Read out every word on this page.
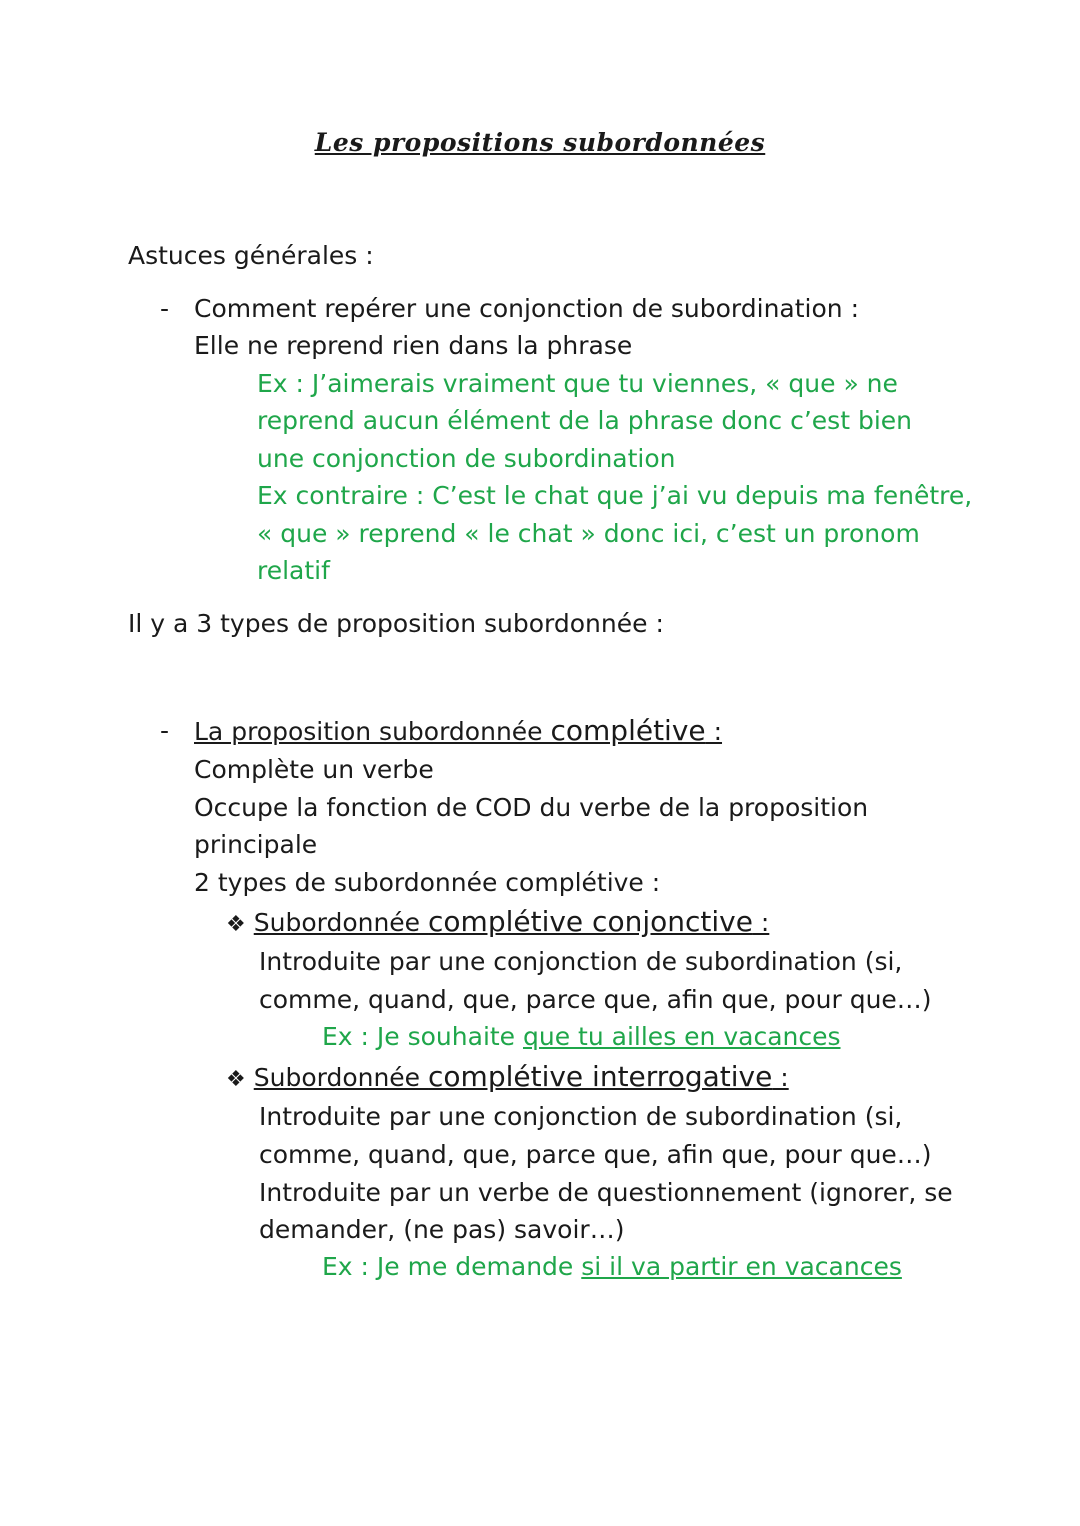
Les propositions subordonnées
Astuces générales :
- Comment repérer une conjonction de subordination :
Elle ne reprend rien dans la phrase
Ex : J’aimerais vraiment que tu viennes, « que » ne
reprend aucun élément de la phrase donc c’est bien
une conjonction de subordination
Ex contraire : C’est le chat que j’ai vu depuis ma fenêtre,
« que » reprend « le chat » donc ici, c’est un pronom
relatif
Il y a 3 types de proposition subordonnée :
- La proposition subordonnée complétive :
Complète un verbe
Occupe la fonction de COD du verbe de la proposition
principale
2 types de subordonnée complétive :
❖ Subordonnée complétive conjonctive :
Introduite par une conjonction de subordination (si,
comme, quand, que, parce que, afin que, pour que…)
Ex : Je souhaite que tu ailles en vacances
❖ Subordonnée complétive interrogative :
Introduite par une conjonction de subordination (si,
comme, quand, que, parce que, afin que, pour que…)
Introduite par un verbe de questionnement (ignorer, se
demander, (ne pas) savoir…)
Ex : Je me demande si il va partir en vacances
